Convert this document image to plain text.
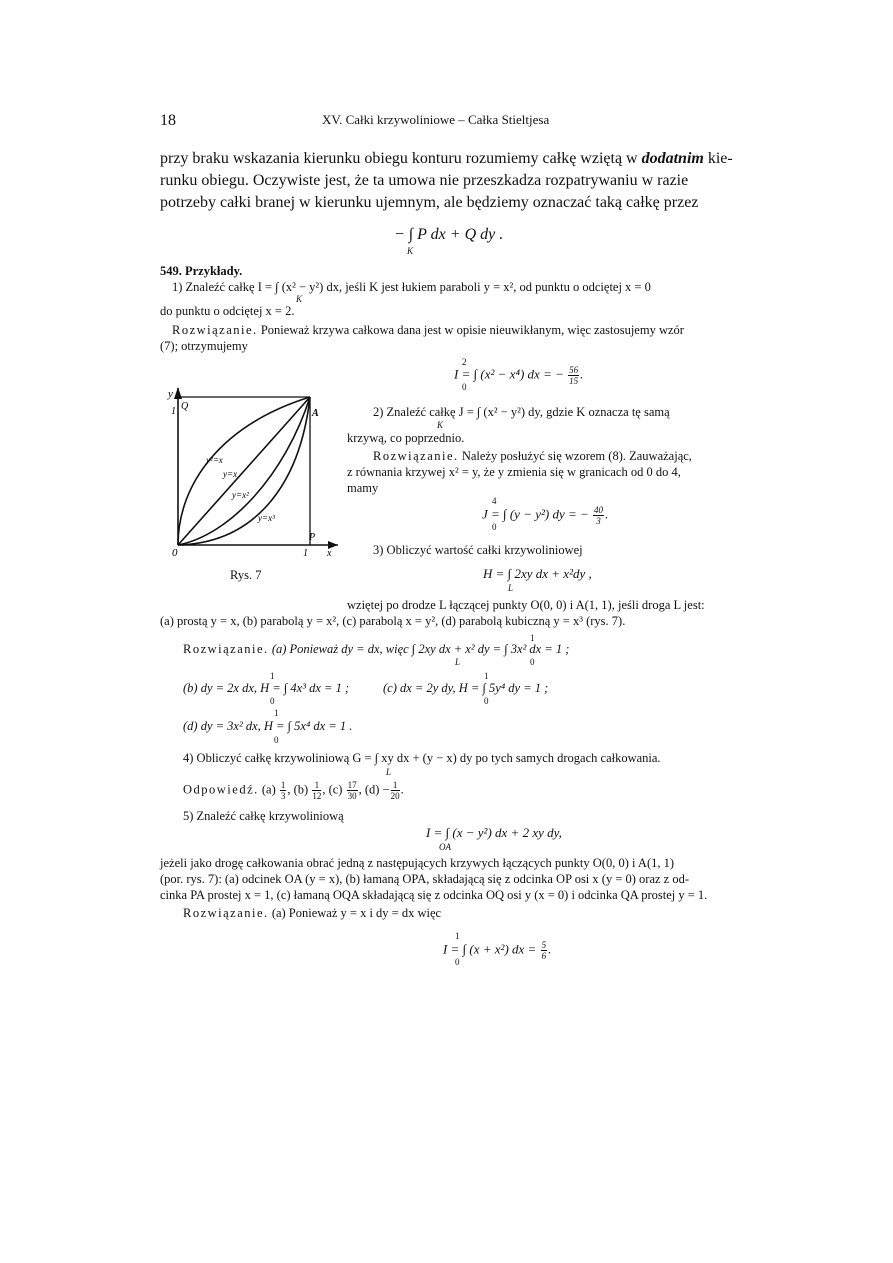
18	XV. Całki krzywoliniowe – Całka Stieltjesa
przy braku wskazania kierunku obiegu konturu rozumiemy całkę wziętą w dodatnim kie-
runku obiegu. Oczywiste jest, że ta umowa nie przeszkadza rozpatrywaniu w razie
potrzeby całki branej w kierunku ujemnym, ale będziemy oznaczać taką całkę przez
− ∫ P dx + Q dy .
K
549. Przykłady.
1) Znaleźć całkę I = ∫ (x² − y²) dx, jeśli K jest łukiem paraboli y = x², od punktu o odciętej x = 0
K
do punktu o odciętej x = 2.
Rozwiązanie. Ponieważ krzywa całkowa dana jest w opisie nieuwikłanym, więc zastosujemy wzór
(7); otrzymujemy
2
I = ∫ (x² − x⁴) dx = − $\frac{56}{15}$ .
0
y
1 Q
A
P
0	1 x
y²=x
y=x
y=x²
y=x³
Rys. 7
2) Znaleźć całkę J = ∫ (x² − y²) dy, gdzie K oznacza tę samą
K
krzywą, co poprzednio.
Rozwiązanie. Należy posłużyć się wzorem (8). Zauważając,
z równania krzywej x² = y, że y zmienia się w granicach od 0 do 4,
mamy
4
J = ∫ (y − y²) dy = − $\frac{40}{3}$ .
0
3) Obliczyć wartość całki krzywoliniowej
H = ∫ 2xy dx + x²dy ,
L
wziętej po drodze L łączącej punkty O(0, 0) i A(1, 1), jeśli droga L jest:
(a) prostą y = x, (b) parabolą y = x², (c) parabolą x = y², (d) parabolą kubiczną y = x³ (rys. 7).
1
Rozwiązanie. (a) Ponieważ dy = dx, więc ∫ 2xy dx + x² dy = ∫ 3x² dx = 1 ;
L	0
1
(b) dy = 2x dx, H = ∫ 4x³ dx = 1 ;
0
1
(c) dx = 2y dy, H = ∫ 5y⁴ dy = 1 ;
0
1
(d) dy = 3x² dx, H = ∫ 5x⁴ dx = 1 .
0
4) Obliczyć całkę krzywoliniową G = ∫ xy dx + (y − x) dy po tych samych drogach całkowania.
L
Odpowiedź. $(a) \frac{1}{3}$ , $(b) \frac{1}{12}$ , $(c) \frac{17}{30}$ , $(d) - \frac{1}{20}$ .
5) Znaleźć całkę krzywoliniową
I = ∫ (x − y²) dx + 2 xy dy,
OA
jeżeli jako drogę całkowania obrać jedną z następujących krzywych łączących punkty O(0, 0) i A(1, 1)
(por. rys. 7): (a) odcinek OA (y = x), (b) łamaną OPA, składającą się z odcinka OP osi x (y = 0) oraz z od-
cinka PA prostej x = 1, (c) łamaną OQA składającą się z odcinka OQ osi y (x = 0) i odcinka QA prostej y = 1.
Rozwiązanie. (a) Ponieważ y = x i dy = dx więc
1
I = ∫ (x + x²) dx = $\frac{5}{6}$ .
0
